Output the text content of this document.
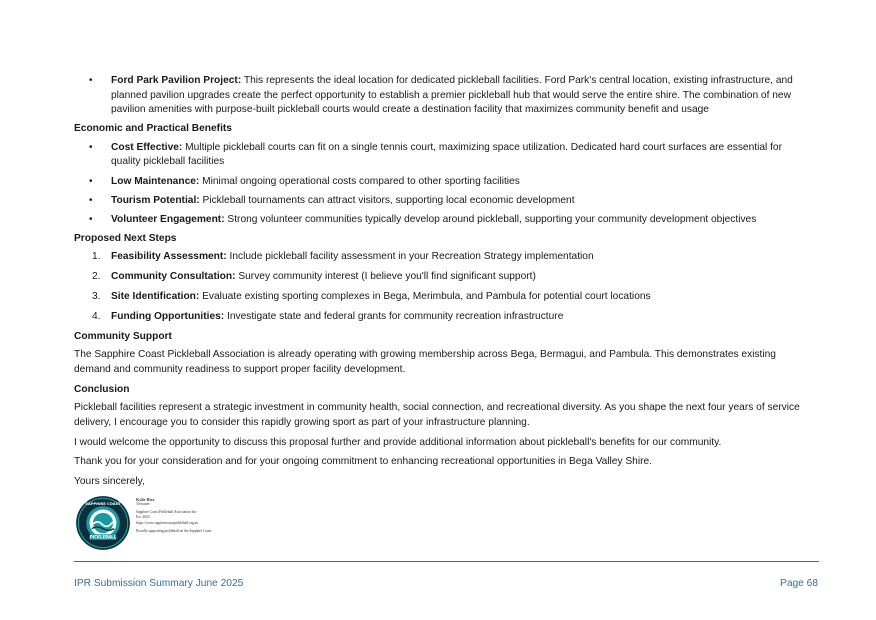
• Ford Park Pavilion Project: This represents the ideal location for dedicated pickleball facilities. Ford Park's central location, existing infrastructure, and planned pavilion upgrades create the perfect opportunity to establish a premier pickleball hub that would serve the entire shire. The combination of new pavilion amenities with purpose-built pickleball courts would create a destination facility that maximizes community benefit and usage
Economic and Practical Benefits
• Cost Effective: Multiple pickleball courts can fit on a single tennis court, maximizing space utilization. Dedicated hard court surfaces are essential for quality pickleball facilities
• Low Maintenance: Minimal ongoing operational costs compared to other sporting facilities
• Tourism Potential: Pickleball tournaments can attract visitors, supporting local economic development
• Volunteer Engagement: Strong volunteer communities typically develop around pickleball, supporting your community development objectives
Proposed Next Steps
1. Feasibility Assessment: Include pickleball facility assessment in your Recreation Strategy implementation
2. Community Consultation: Survey community interest (I believe you'll find significant support)
3. Site Identification: Evaluate existing sporting complexes in Bega, Merimbula, and Pambula for potential court locations
4. Funding Opportunities: Investigate state and federal grants for community recreation infrastructure
Community Support

The Sapphire Coast Pickleball Association is already operating with growing membership across Bega, Bermagui, and Pambula. This demonstrates existing demand and community readiness to support proper facility development.

Conclusion

Pickleball facilities represent a strategic investment in community health, social connection, and recreational diversity. As you shape the next four years of service delivery, I encourage you to consider this rapidly growing sport as part of your infrastructure planning.

I would welcome the opportunity to discuss this proposal further and provide additional information about pickleball's benefits for our community.

Thank you for your consideration and for your ongoing commitment to enhancing recreational opportunities in Bega Valley Shire.

Yours sincerely,

PICKLEBALL
SAPPHIRE COAST
Kylie Rice
Treasurer
Sapphire Coast Pickleball Association Inc
Est. 2024
https://www.sapphirecoastpickleball.org.au
Proudly supporting pickleball on the Sapphire Coast
IPR Submission Summary June 2025	Page 68
